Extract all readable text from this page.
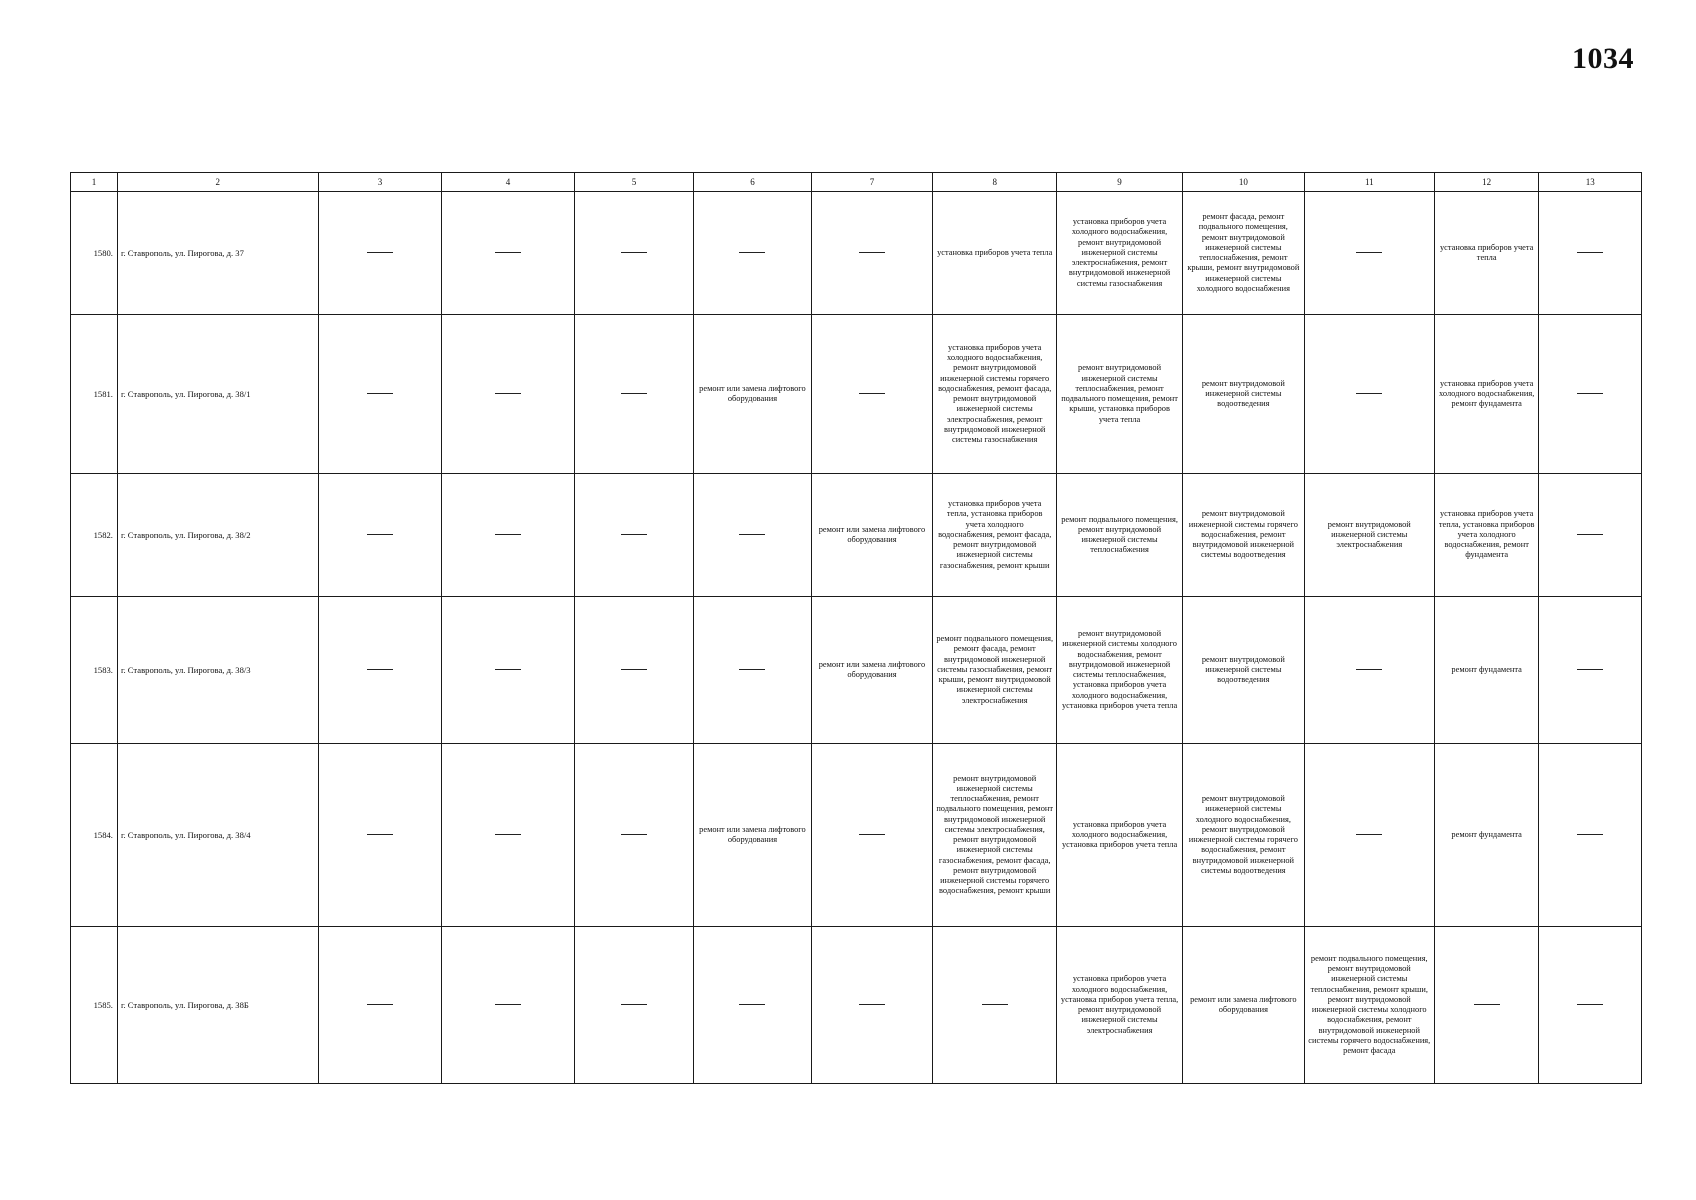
1034
1	2	3	4	5	6	7	8	9	10	11	12	13
1580.	г. Ставрополь, ул. Пирогова, д. 37						установка приборов учета тепла	установка приборов учета холодного водоснабжения, ремонт внутридомовой инженерной системы электроснабжения, ремонт внутридомовой инженерной системы газоснабжения	ремонт фасада, ремонт подвального помещения, ремонт внутридомовой инженерной системы теплоснабжения, ремонт крыши, ремонт внутридомовой инженерной системы холодного водоснабжения		установка приборов учета тепла	
1581.	г. Ставрополь, ул. Пирогова, д. 38/1				ремонт или замена лифтового оборудования		установка приборов учета холодного водоснабжения, ремонт внутридомовой инженерной системы горячего водоснабжения, ремонт фасада, ремонт внутридомовой инженерной системы электроснабжения, ремонт внутридомовой инженерной системы газоснабжения	ремонт внутридомовой инженерной системы теплоснабжения, ремонт подвального помещения, ремонт крыши, установка приборов учета тепла	ремонт внутридомовой инженерной системы водоотведения		установка приборов учета холодного водоснабжения, ремонт фундамента	
1582.	г. Ставрополь, ул. Пирогова, д. 38/2					ремонт или замена лифтового оборудования	установка приборов учета тепла, установка приборов учета холодного водоснабжения, ремонт фасада, ремонт внутридомовой инженерной системы газоснабжения, ремонт крыши	ремонт подвального помещения, ремонт внутридомовой инженерной системы теплоснабжения	ремонт внутридомовой инженерной системы горячего водоснабжения, ремонт внутридомовой инженерной системы водоотведения	ремонт внутридомовой инженерной системы электроснабжения	установка приборов учета тепла, установка приборов учета холодного водоснабжения, ремонт фундамента	
1583.	г. Ставрополь, ул. Пирогова, д. 38/3					ремонт или замена лифтового оборудования	ремонт подвального помещения, ремонт фасада, ремонт внутридомовой инженерной системы газоснабжения, ремонт крыши, ремонт внутридомовой инженерной системы электроснабжения	ремонт внутридомовой инженерной системы холодного водоснабжения, ремонт внутридомовой инженерной системы теплоснабжения, установка приборов учета холодного водоснабжения, установка приборов учета тепла	ремонт внутридомовой инженерной системы водоотведения		ремонт фундамента	
1584.	г. Ставрополь, ул. Пирогова, д. 38/4				ремонт или замена лифтового оборудования		ремонт внутридомовой инженерной системы теплоснабжения, ремонт подвального помещения, ремонт внутридомовой инженерной системы электроснабжения, ремонт внутридомовой инженерной системы газоснабжения, ремонт фасада, ремонт внутридомовой инженерной системы горячего водоснабжения, ремонт крыши	установка приборов учета холодного водоснабжения, установка приборов учета тепла	ремонт внутридомовой инженерной системы холодного водоснабжения, ремонт внутридомовой инженерной системы горячего водоснабжения, ремонт внутридомовой инженерной системы водоотведения		ремонт фундамента	
1585.	г. Ставрополь, ул. Пирогова, д. 38Б							установка приборов учета холодного водоснабжения, установка приборов учета тепла, ремонт внутридомовой инженерной системы электроснабжения	ремонт или замена лифтового оборудования	ремонт подвального помещения, ремонт внутридомовой инженерной системы теплоснабжения, ремонт крыши, ремонт внутридомовой инженерной системы холодного водоснабжения, ремонт внутридомовой инженерной системы горячего водоснабжения, ремонт фасада		
